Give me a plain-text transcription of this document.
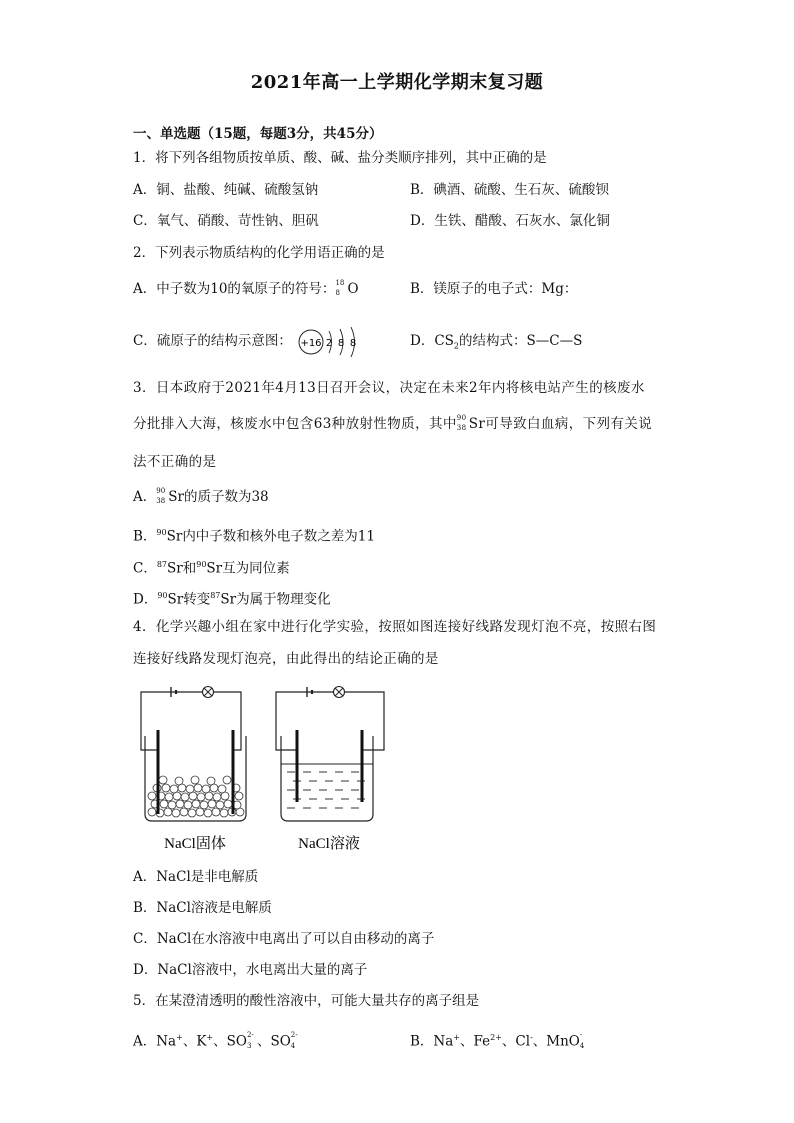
2021年高一上学期化学期末复习题
一、单选题（15题，每题3分，共45分）
1．将下列各组物质按单质、酸、碱、盐分类顺序排列，其中正确的是
A．铜、盐酸、纯碱、硫酸氢钠	B．碘酒、硫酸、生石灰、硫酸钡
C．氧气、硝酸、苛性钠、胆矾	D．生铁、醋酸、石灰水、氯化铜
2．下列表示物质结构的化学用语正确的是
A．中子数为10的氧原子的符号： 18
8 O	B．镁原子的电子式：Mg：
C．硫原子的结构示意图： +16 2 8 8	D．$CS_2$的结构式：S—C—S
3．日本政府于2021年4月13日召开会议，决定在未来2年内将核电站产生的核废水
分批排入大海，核废水中包含63种放射性物质，其中 90
38 Sr可导致白血病，下列有关说
法不正确的是
A． 90
38 Sr的质子数为38
B．$^{90}$Sr内中子数和核外电子数之差为11
C．$^{87}$Sr和$^{90}$Sr互为同位素
D．$^{90}$Sr转变$^{87}$Sr为属于物理变化
4．化学兴趣小组在家中进行化学实验，按照如图连接好线路发现灯泡不亮，按照右图
连接好线路发现灯泡亮，由此得出的结论正确的是
NaCl固体	NaCl溶液
A．NaCl是非电解质
B．NaCl溶液是电解质
C．NaCl在水溶液中电离出了可以自由移动的离子
D．NaCl溶液中，水电离出大量的离子
5．在某澄清透明的酸性溶液中，可能大量共存的离子组是
A．Na+、K+、SO 2-
3 、SO 2-
4	B．Na+、$Fe^{2+}$、Cl-、MnO -
4
